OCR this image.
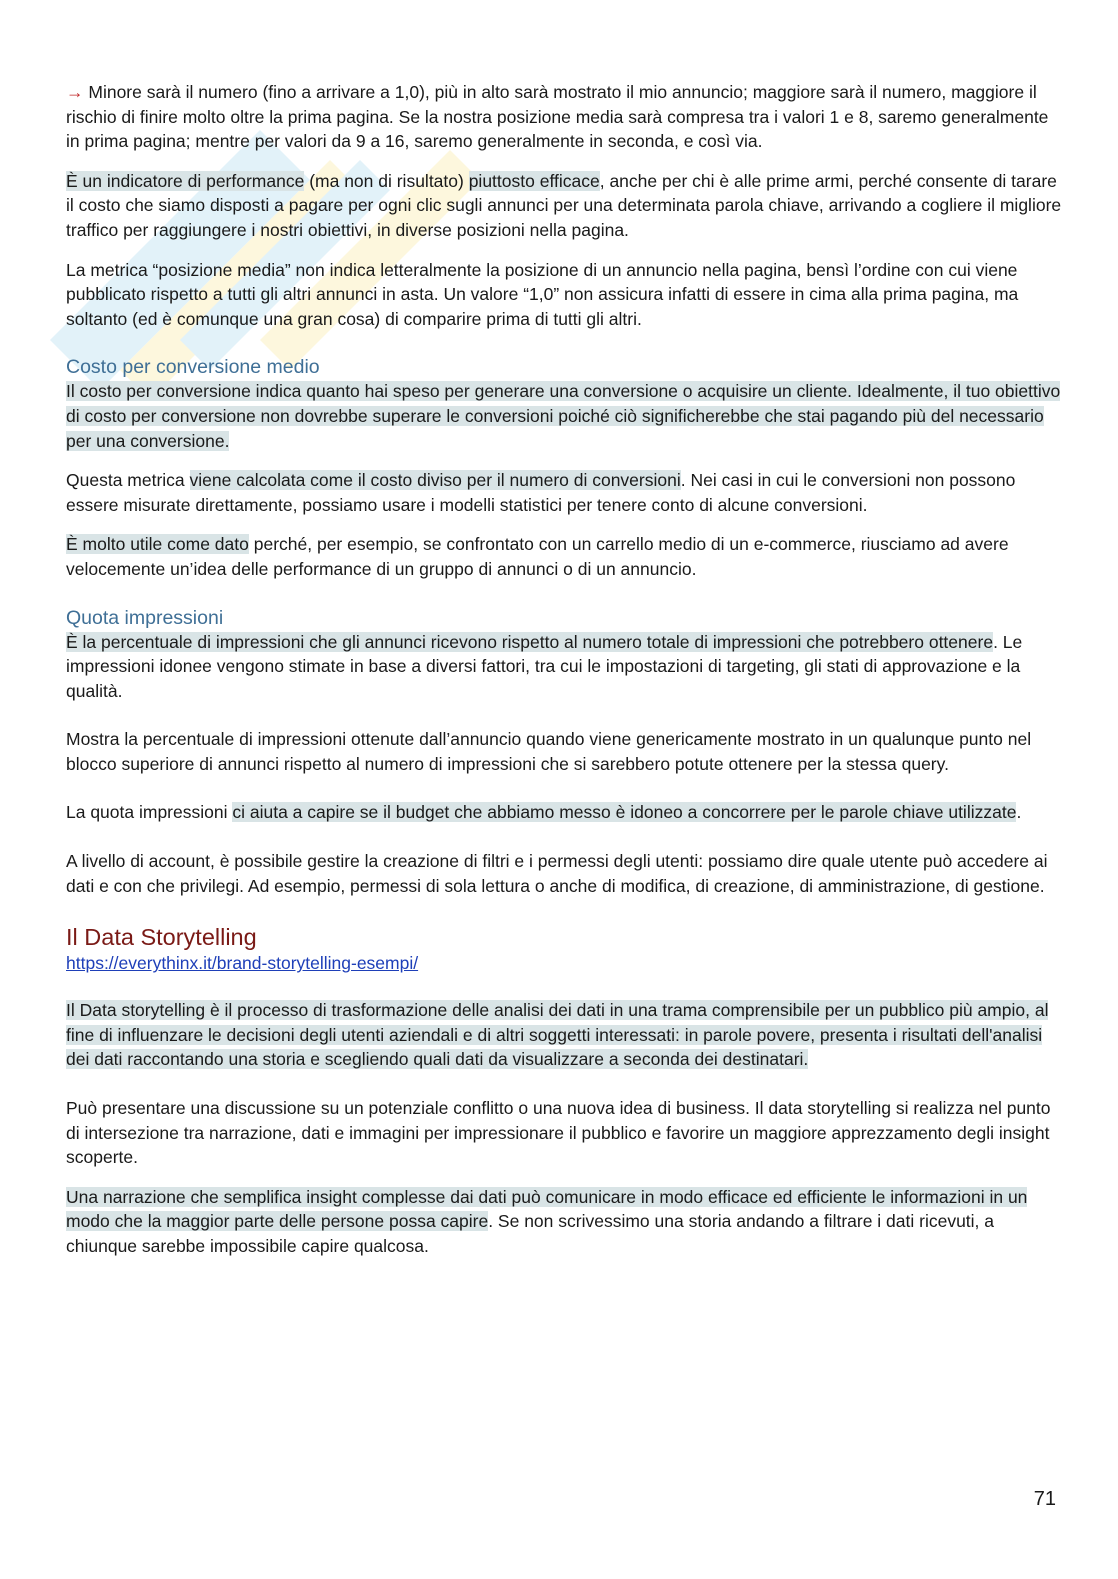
→ Minore sarà il numero (fino a arrivare a 1,0), più in alto sarà mostrato il mio annuncio; maggiore sarà il numero, maggiore il rischio di finire molto oltre la prima pagina. Se la nostra posizione media sarà compresa tra i valori 1 e 8, saremo generalmente in prima pagina; mentre per valori da 9 a 16, saremo generalmente in seconda, e così via.

È un indicatore di performance (ma non di risultato) piuttosto efficace, anche per chi è alle prime armi, perché consente di tarare il costo che siamo disposti a pagare per ogni clic sugli annunci per una determinata parola chiave, arrivando a cogliere il migliore traffico per raggiungere i nostri obiettivi, in diverse posizioni nella pagina.

La metrica “posizione media” non indica letteralmente la posizione di un annuncio nella pagina, bensì l’ordine con cui viene pubblicato rispetto a tutti gli altri annunci in asta. Un valore “1,0” non assicura infatti di essere in cima alla prima pagina, ma soltanto (ed è comunque una gran cosa) di comparire prima di tutti gli altri.

Costo per conversione medio

Il costo per conversione indica quanto hai speso per generare una conversione o acquisire un cliente. Idealmente, il tuo obiettivo di costo per conversione non dovrebbe superare le conversioni poiché ciò significherebbe che stai pagando più del necessario per una conversione.

Questa metrica viene calcolata come il costo diviso per il numero di conversioni. Nei casi in cui le conversioni non possono essere misurate direttamente, possiamo usare i modelli statistici per tenere conto di alcune conversioni.

È molto utile come dato perché, per esempio, se confrontato con un carrello medio di un e-commerce, riusciamo ad avere velocemente un’idea delle performance di un gruppo di annunci o di un annuncio.

Quota impressioni

È la percentuale di impressioni che gli annunci ricevono rispetto al numero totale di impressioni che potrebbero ottenere. Le impressioni idonee vengono stimate in base a diversi fattori, tra cui le impostazioni di targeting, gli stati di approvazione e la qualità.

Mostra la percentuale di impressioni ottenute dall’annuncio quando viene genericamente mostrato in un qualunque punto nel blocco superiore di annunci rispetto al numero di impressioni che si sarebbero potute ottenere per la stessa query.

La quota impressioni ci aiuta a capire se il budget che abbiamo messo è idoneo a concorrere per le parole chiave utilizzate.

A livello di account, è possibile gestire la creazione di filtri e i permessi degli utenti: possiamo dire quale utente può accedere ai dati e con che privilegi. Ad esempio, permessi di sola lettura o anche di modifica, di creazione, di amministrazione, di gestione.

Il Data Storytelling
https://everythinx.it/brand-storytelling-esempi/

Il Data storytelling è il processo di trasformazione delle analisi dei dati in una trama comprensibile per un pubblico più ampio, al fine di influenzare le decisioni degli utenti aziendali e di altri soggetti interessati: in parole povere, presenta i risultati dell'analisi dei dati raccontando una storia e scegliendo quali dati da visualizzare a seconda dei destinatari.

Può presentare una discussione su un potenziale conflitto o una nuova idea di business. Il data storytelling si realizza nel punto di intersezione tra narrazione, dati e immagini per impressionare il pubblico e favorire un maggiore apprezzamento degli insight scoperte.

Una narrazione che semplifica insight complesse dai dati può comunicare in modo efficace ed efficiente le informazioni in un modo che la maggior parte delle persone possa capire. Se non scrivessimo una storia andando a filtrare i dati ricevuti, a chiunque sarebbe impossibile capire qualcosa.

71
